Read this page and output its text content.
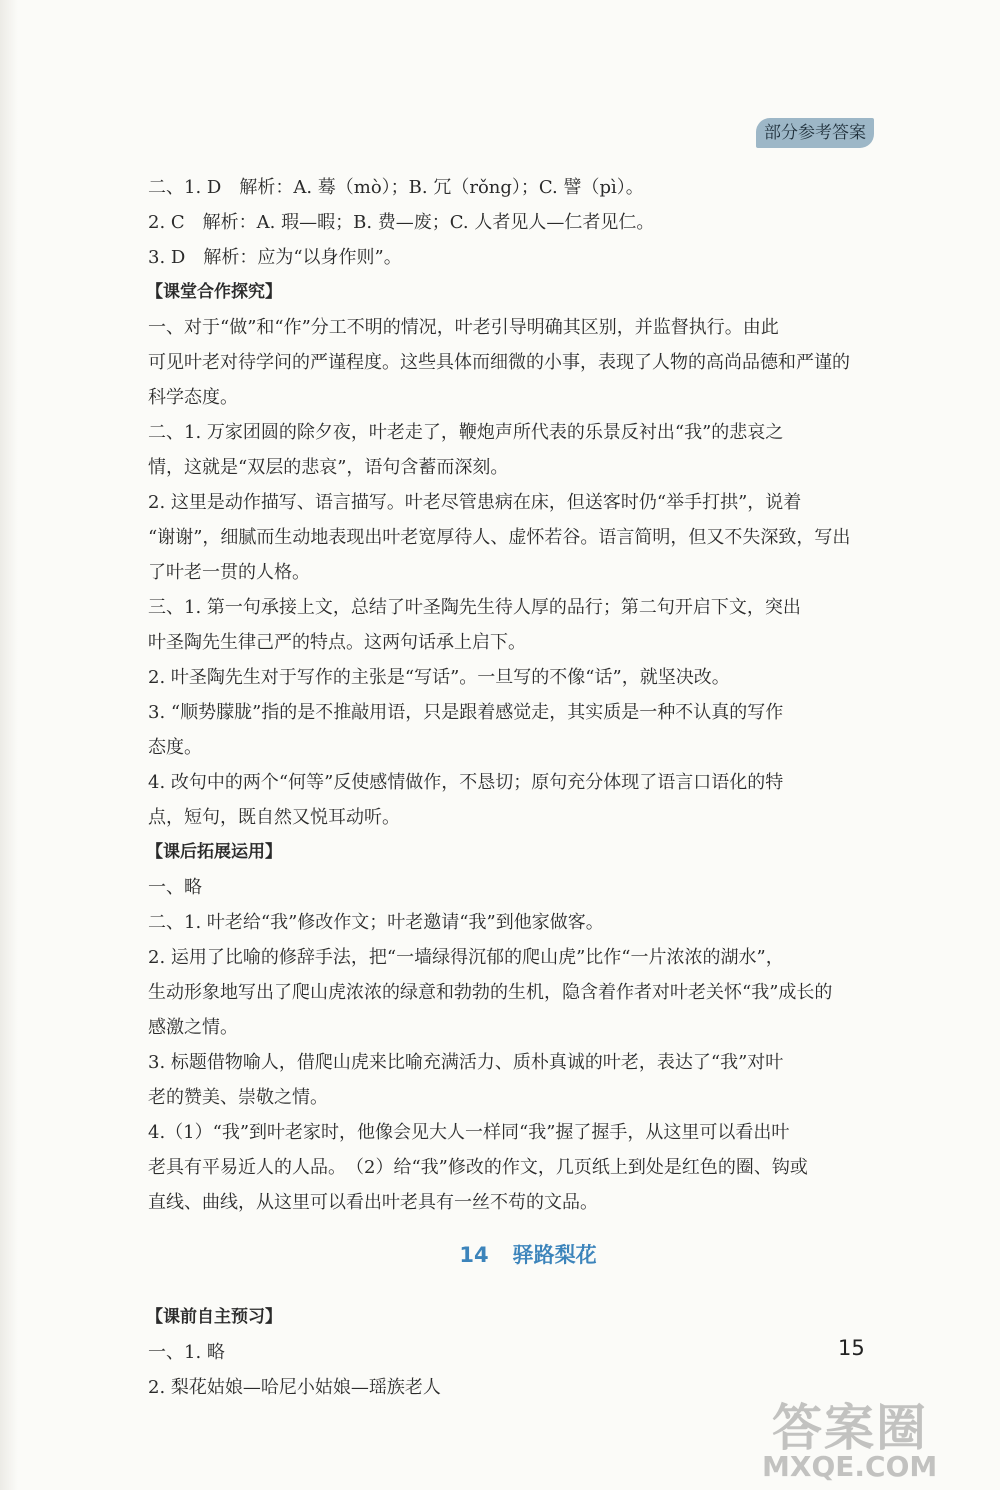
部分参考答案
二、1. D　解析：A. 蓦（mò）；B. 冗（rǒng）；C. 譬（pì）。
2. C　解析：A. 瑕—暇；B. 费—废；C. 人者见人—仁者见仁。
3. D　解析：应为“以身作则”。
【课堂合作探究】
一、对于“做”和“作”分工不明的情况，叶老引导明确其区别，并监督执行。由此
可见叶老对待学问的严谨程度。这些具体而细微的小事，表现了人物的高尚品德和严谨的
科学态度。
二、1. 万家团圆的除夕夜，叶老走了，鞭炮声所代表的乐景反衬出“我”的悲哀之
情，这就是“双层的悲哀”，语句含蓄而深刻。
2. 这里是动作描写、语言描写。叶老尽管患病在床，但送客时仍“举手打拱”，说着
“谢谢”，细腻而生动地表现出叶老宽厚待人、虚怀若谷。语言简明，但又不失深致，写出
了叶老一贯的人格。
三、1. 第一句承接上文，总结了叶圣陶先生待人厚的品行；第二句开启下文，突出
叶圣陶先生律己严的特点。这两句话承上启下。
2. 叶圣陶先生对于写作的主张是“写话”。一旦写的不像“话”，就坚决改。
3. “顺势朦胧”指的是不推敲用语，只是跟着感觉走，其实质是一种不认真的写作
态度。
4. 改句中的两个“何等”反使感情做作，不恳切；原句充分体现了语言口语化的特
点，短句，既自然又悦耳动听。
【课后拓展运用】
一、略
二、1. 叶老给“我”修改作文；叶老邀请“我”到他家做客。
2. 运用了比喻的修辞手法，把“一墙绿得沉郁的爬山虎”比作“一片浓浓的湖水”，
生动形象地写出了爬山虎浓浓的绿意和勃勃的生机，隐含着作者对叶老关怀“我”成长的
感激之情。
3. 标题借物喻人，借爬山虎来比喻充满活力、质朴真诚的叶老，表达了“我”对叶
老的赞美、崇敬之情。
4.（1）“我”到叶老家时，他像会见大人一样同“我”握了握手，从这里可以看出叶
老具有平易近人的人品。　（2）给“我”修改的作文，几页纸上到处是红色的圈、钩或
直线、曲线，从这里可以看出叶老具有一丝不苟的文品。
14 驿路梨花
【课前自主预习】
一、1. 略
2. 梨花姑娘—哈尼小姑娘—瑶族老人
15
答案圈
MXQE.COM
